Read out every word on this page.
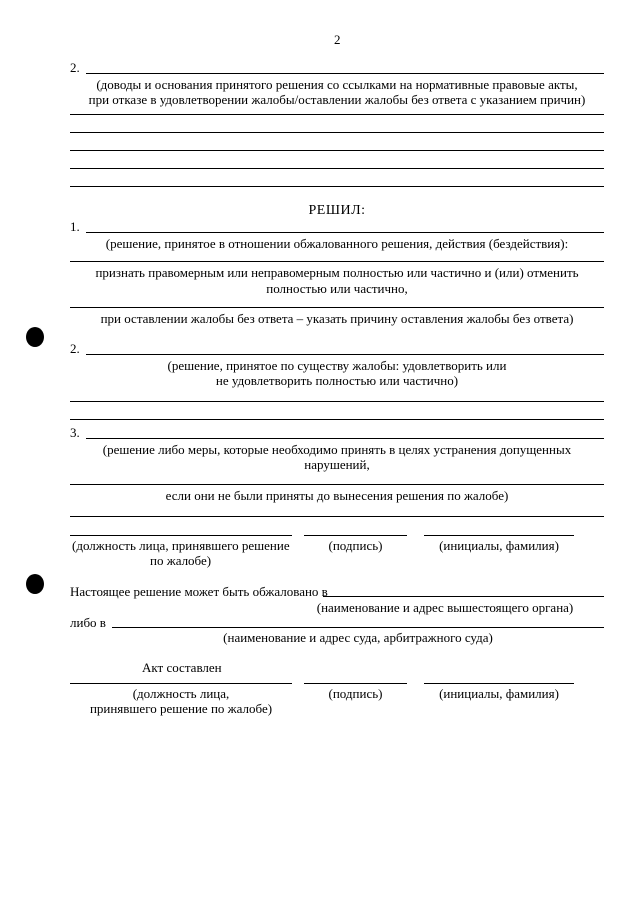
2
2.
(доводы и основания принятого решения со ссылками на нормативные правовые акты,
при отказе в удовлетворении жалобы/оставлении жалобы без ответа с указанием причин)
РЕШИЛ:
1.
(решение, принятое в отношении обжалованного решения, действия (бездействия):
признать правомерным или неправомерным полностью или частично и (или) отменить
полностью или частично,
при оставлении жалобы без ответа – указать причину оставления жалобы без ответа)
2.
(решение, принятое по существу жалобы: удовлетворить или
не удовлетворить полностью или частично)
3.
(решение либо меры, которые необходимо принять в целях устранения допущенных
нарушений,
если они не были приняты до вынесения решения по жалобе)
(должность лица, принявшего решение
по жалобе)
(подпись)	(инициалы, фамилия)
Настоящее решение может быть обжаловано в
(наименование и адрес вышестоящего органа)
либо в
(наименование и адрес суда, арбитражного суда)
Акт составлен
(должность лица,
принявшего решение по жалобе)
(подпись)	(инициалы, фамилия)
